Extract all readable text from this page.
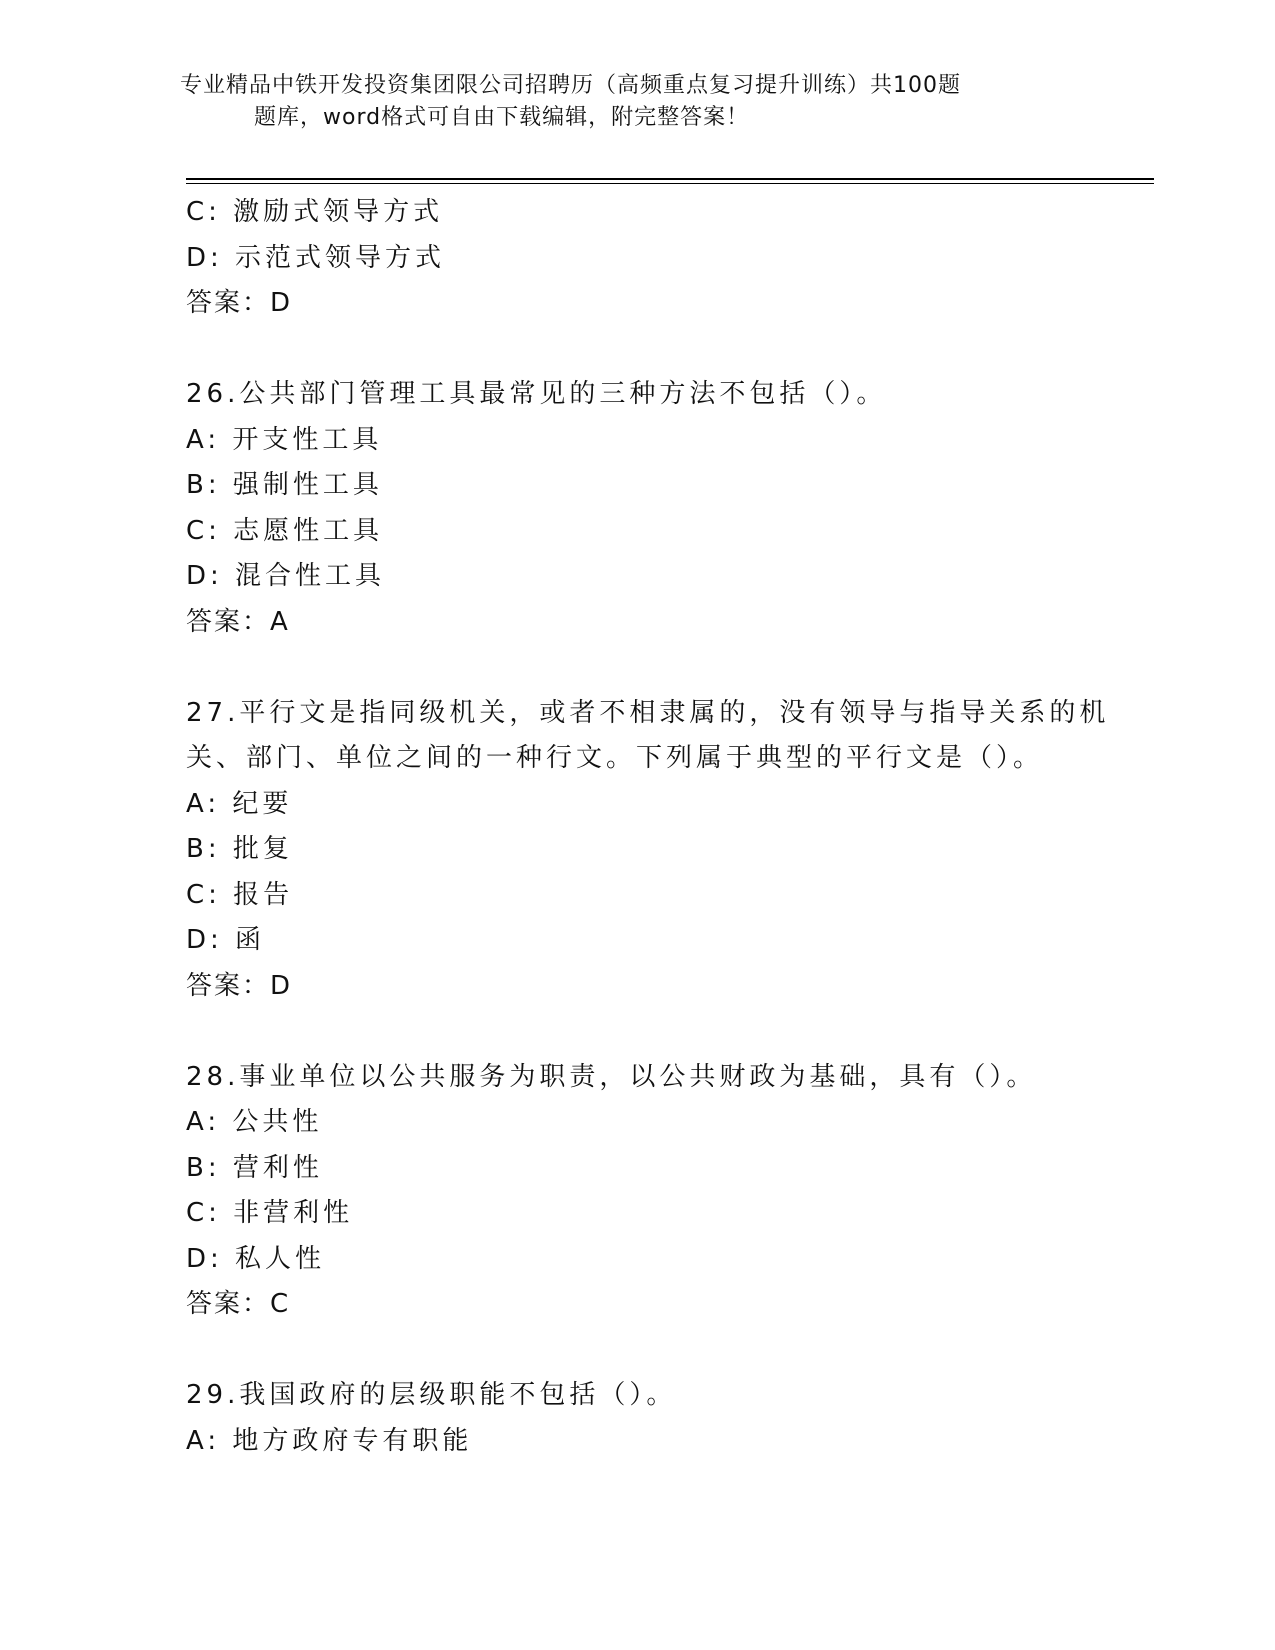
专业精品中铁开发投资集团限公司招聘历（高频重点复习提升训练）共100题
题库，word格式可自由下载编辑，附完整答案！
C: 激励式领导方式
D: 示范式领导方式
答案：D
26.公共部门管理工具最常见的三种方法不包括（）。
A: 开支性工具
B: 强制性工具
C: 志愿性工具
D: 混合性工具
答案：A
27.平行文是指同级机关，或者不相隶属的，没有领导与指导关系的机
关、部门、单位之间的一种行文。下列属于典型的平行文是（）。
A: 纪要
B: 批复
C: 报告
D: 函
答案：D
28.事业单位以公共服务为职责，以公共财政为基础，具有（）。
A: 公共性
B: 营利性
C: 非营利性
D: 私人性
答案：C
29.我国政府的层级职能不包括（）。
A: 地方政府专有职能
